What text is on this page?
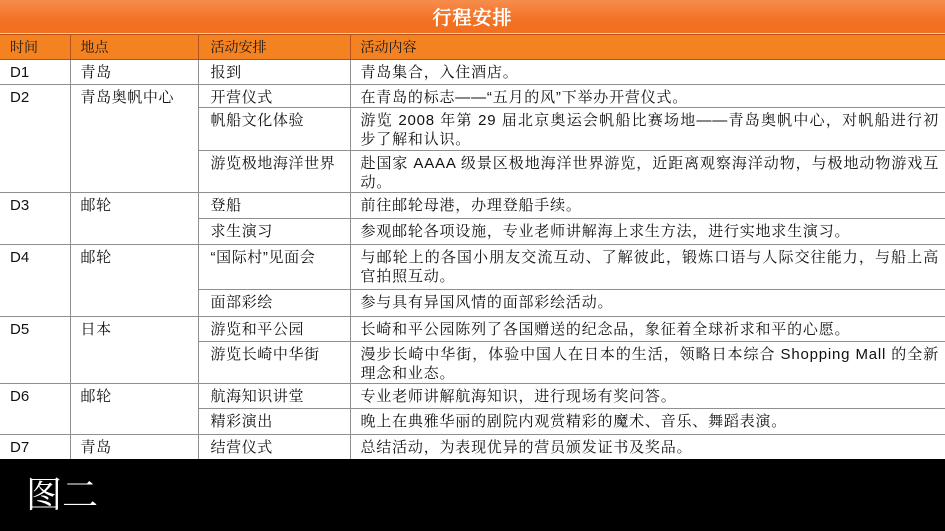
行程安排
时间	地点	活动安排	活动内容
D1	青岛	报到	青岛集合，入住酒店。
D2	青岛奥帆中心	开营仪式	在青岛的标志——“五月的风”下举办开营仪式。
		帆船文化体验	游览 2008 年第 29 届北京奥运会帆船比赛场地——青岛奥帆中心，对帆船进行初步了解和认识。
		游览极地海洋世界	赴国家 AAAA 级景区极地海洋世界游览，近距离观察海洋动物，与极地动物游戏互动。
D3	邮轮	登船	前往邮轮母港，办理登船手续。
		求生演习	参观邮轮各项设施，专业老师讲解海上求生方法，进行实地求生演习。
D4	邮轮	“国际村”见面会	与邮轮上的各国小朋友交流互动、了解彼此，锻炼口语与人际交往能力，与船上高官拍照互动。
		面部彩绘	参与具有异国风情的面部彩绘活动。
D5	日本	游览和平公园	长崎和平公园陈列了各国赠送的纪念品，象征着全球祈求和平的心愿。
		游览长崎中华街	漫步长崎中华街，体验中国人在日本的生活，领略日本综合 Shopping Mall 的全新理念和业态。
D6	邮轮	航海知识讲堂	专业老师讲解航海知识，进行现场有奖问答。
		精彩演出	晚上在典雅华丽的剧院内观赏精彩的魔术、音乐、舞蹈表演。
D7	青岛	结营仪式	总结活动，为表现优异的营员颁发证书及奖品。
图二
